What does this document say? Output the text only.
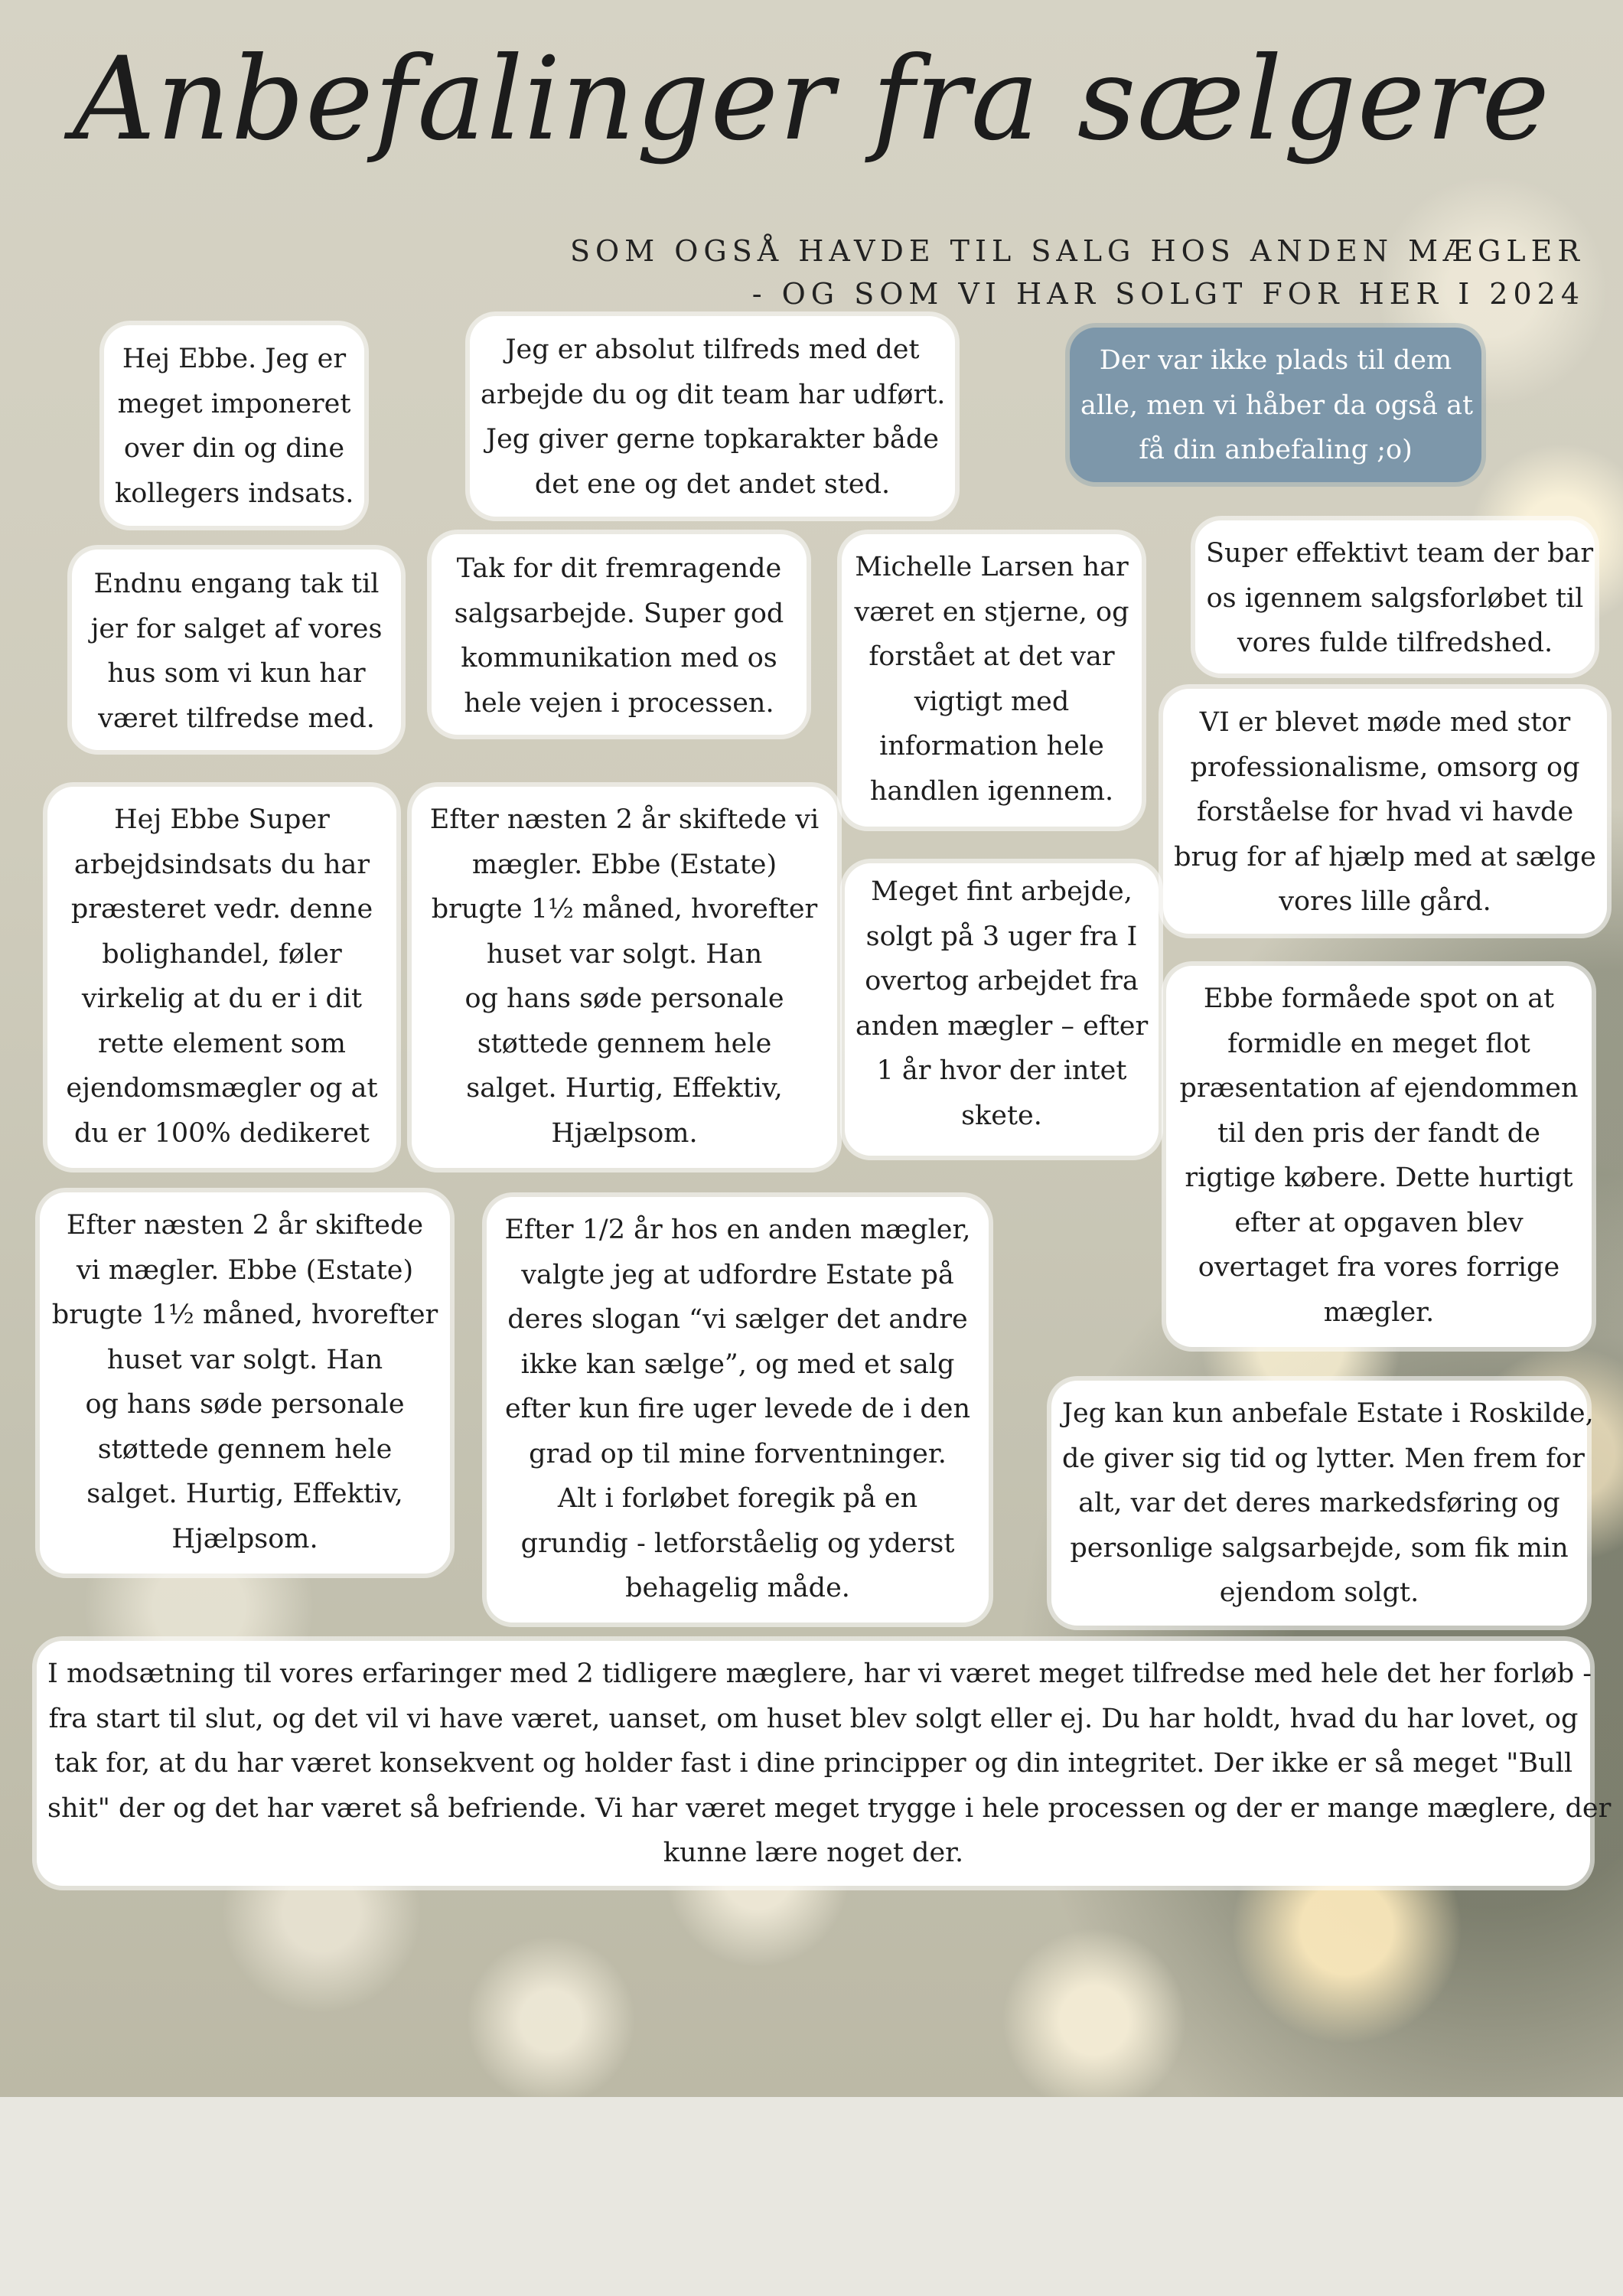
Anbefalinger fra sælgere
SOM OGSÅ HAVDE TIL SALG HOS ANDEN MÆGLER
- OG SOM VI HAR SOLGT FOR HER I 2024
Hej Ebbe. Jeg er
meget imponeret
over din og dine
kollegers indsats.
Jeg er absolut tilfreds med det
arbejde du og dit team har udført.
Jeg giver gerne topkarakter både
det ene og det andet sted.
Der var ikke plads til dem
alle, men vi håber da også at
få din anbefaling ;o)
Endnu engang tak til
jer for salget af vores
hus som vi kun har
været tilfredse med.
Tak for dit fremragende
salgsarbejde. Super god
kommunikation med os
hele vejen i processen.
Michelle Larsen har
været en stjerne, og
forstået at det var
vigtigt med
information hele
handlen igennem.
Super effektivt team der bar
os igennem salgsforløbet til
vores fulde tilfredshed.
VI er blevet møde med stor
professionalisme, omsorg og
forståelse for hvad vi havde
brug for af hjælp med at sælge
vores lille gård.
Hej Ebbe Super
arbejdsindsats du har
præsteret vedr. denne
bolighandel, føler
virkelig at du er i dit
rette element som
ejendomsmægler og at
du er 100% dedikeret
Efter næsten 2 år skiftede vi
mægler. Ebbe (Estate)
brugte 1½ måned, hvorefter
huset var solgt. Han
og hans søde personale
støttede gennem hele
salget. Hurtig, Effektiv,
Hjælpsom.
Meget fint arbejde,
solgt på 3 uger fra I
overtog arbejdet fra
anden mægler – efter
1 år hvor der intet
skete.
Ebbe formåede spot on at
formidle en meget flot
præsentation af ejendommen
til den pris der fandt de
rigtige købere. Dette hurtigt
efter at opgaven blev
overtaget fra vores forrige
mægler.
Efter næsten 2 år skiftede
vi mægler. Ebbe (Estate)
brugte 1½ måned, hvorefter
huset var solgt. Han
og hans søde personale
støttede gennem hele
salget. Hurtig, Effektiv,
Hjælpsom.
Efter 1/2 år hos en anden mægler,
valgte jeg at udfordre Estate på
deres slogan “vi sælger det andre
ikke kan sælge”, og med et salg
efter kun fire uger levede de i den
grad op til mine forventninger.
Alt i forløbet foregik på en
grundig - letforståelig og yderst
behagelig måde.
Jeg kan kun anbefale Estate i Roskilde,
de giver sig tid og lytter. Men frem for
alt, var det deres markedsføring og
personlige salgsarbejde, som fik min
ejendom solgt.
I modsætning til vores erfaringer med 2 tidligere mæglere, har vi været meget tilfredse med hele det her forløb -
fra start til slut, og det vil vi have været, uanset, om huset blev solgt eller ej. Du har holdt, hvad du har lovet, og
tak for, at du har været konsekvent og holder fast i dine principper og din integritet. Der ikke er så meget "Bull
shit" der og det har været så befriende. Vi har været meget trygge i hele processen og der er mange mæglere, der
kunne lære noget der.
